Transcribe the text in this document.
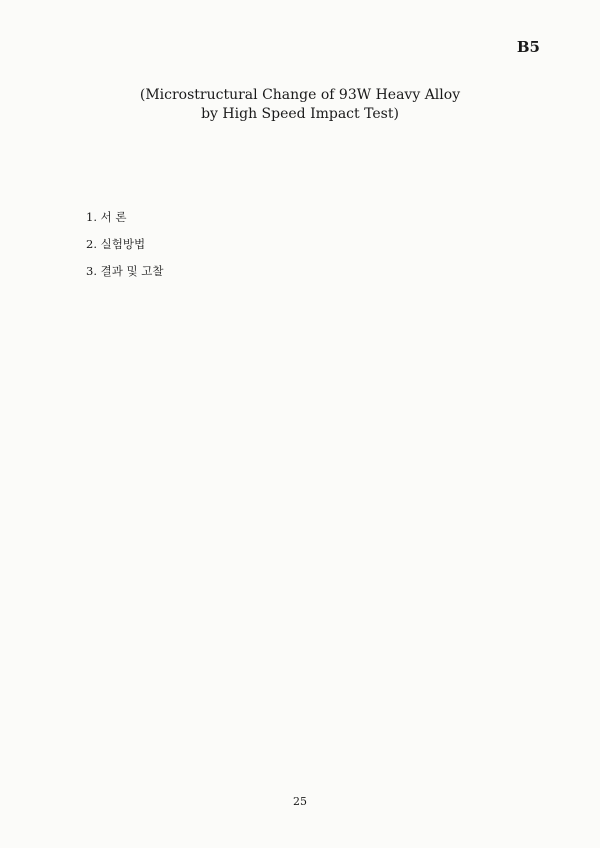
B5
(Microstructural Change of 93W Heavy Alloy
by High Speed Impact Test)

1. 서 론

2. 실험방법

3. 결과 및 고찰

25
